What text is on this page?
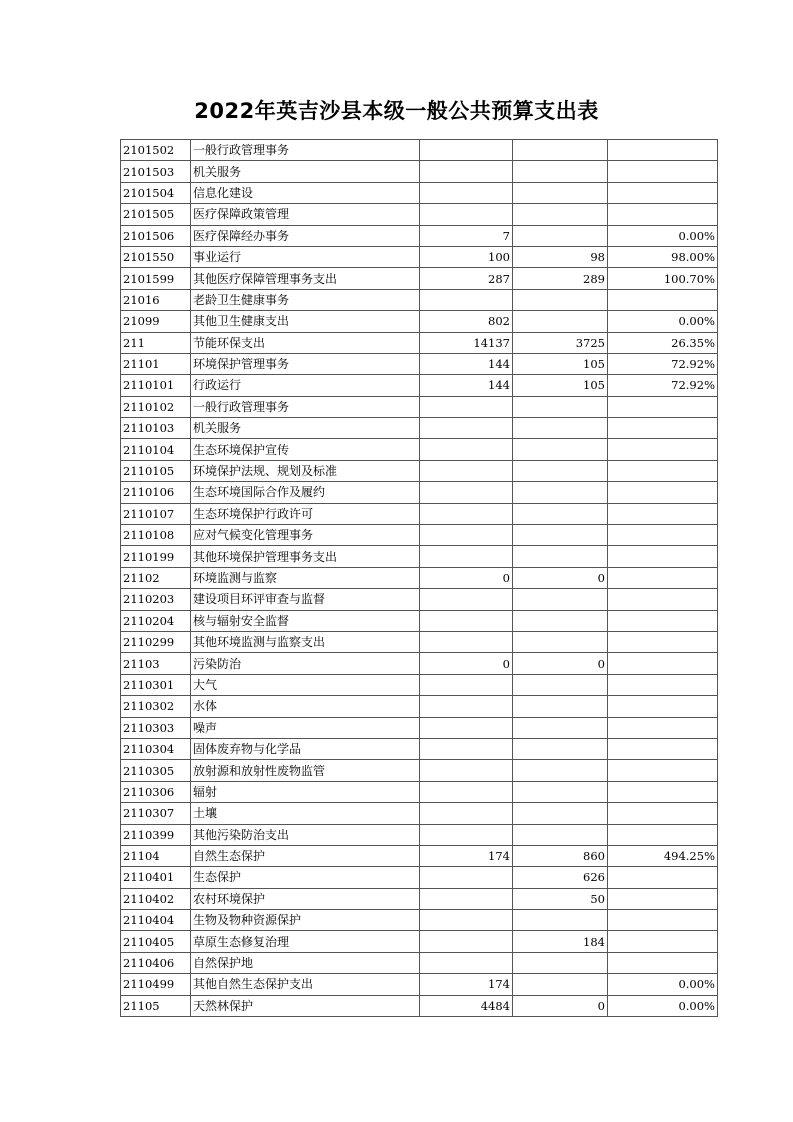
2022年英吉沙县本级一般公共预算支出表
2101502	一般行政管理事务			
2101503	机关服务			
2101504	信息化建设			
2101505	医疗保障政策管理			
2101506	医疗保障经办事务	7		0.00%
2101550	事业运行	100	98	98.00%
2101599	其他医疗保障管理事务支出	287	289	100.70%
21016	老龄卫生健康事务			
21099	其他卫生健康支出	802		0.00%
211	节能环保支出	14137	3725	26.35%
21101	环境保护管理事务	144	105	72.92%
2110101	行政运行	144	105	72.92%
2110102	一般行政管理事务			
2110103	机关服务			
2110104	生态环境保护宣传			
2110105	环境保护法规、规划及标准			
2110106	生态环境国际合作及履约			
2110107	生态环境保护行政许可			
2110108	应对气候变化管理事务			
2110199	其他环境保护管理事务支出			
21102	环境监测与监察	0	0	
2110203	建设项目环评审查与监督			
2110204	核与辐射安全监督			
2110299	其他环境监测与监察支出			
21103	污染防治	0	0	
2110301	大气			
2110302	水体			
2110303	噪声			
2110304	固体废弃物与化学品			
2110305	放射源和放射性废物监管			
2110306	辐射			
2110307	土壤			
2110399	其他污染防治支出			
21104	自然生态保护	174	860	494.25%
2110401	生态保护		626	
2110402	农村环境保护		50	
2110404	生物及物种资源保护			
2110405	草原生态修复治理		184	
2110406	自然保护地			
2110499	其他自然生态保护支出	174		0.00%
21105	天然林保护	4484	0	0.00%
